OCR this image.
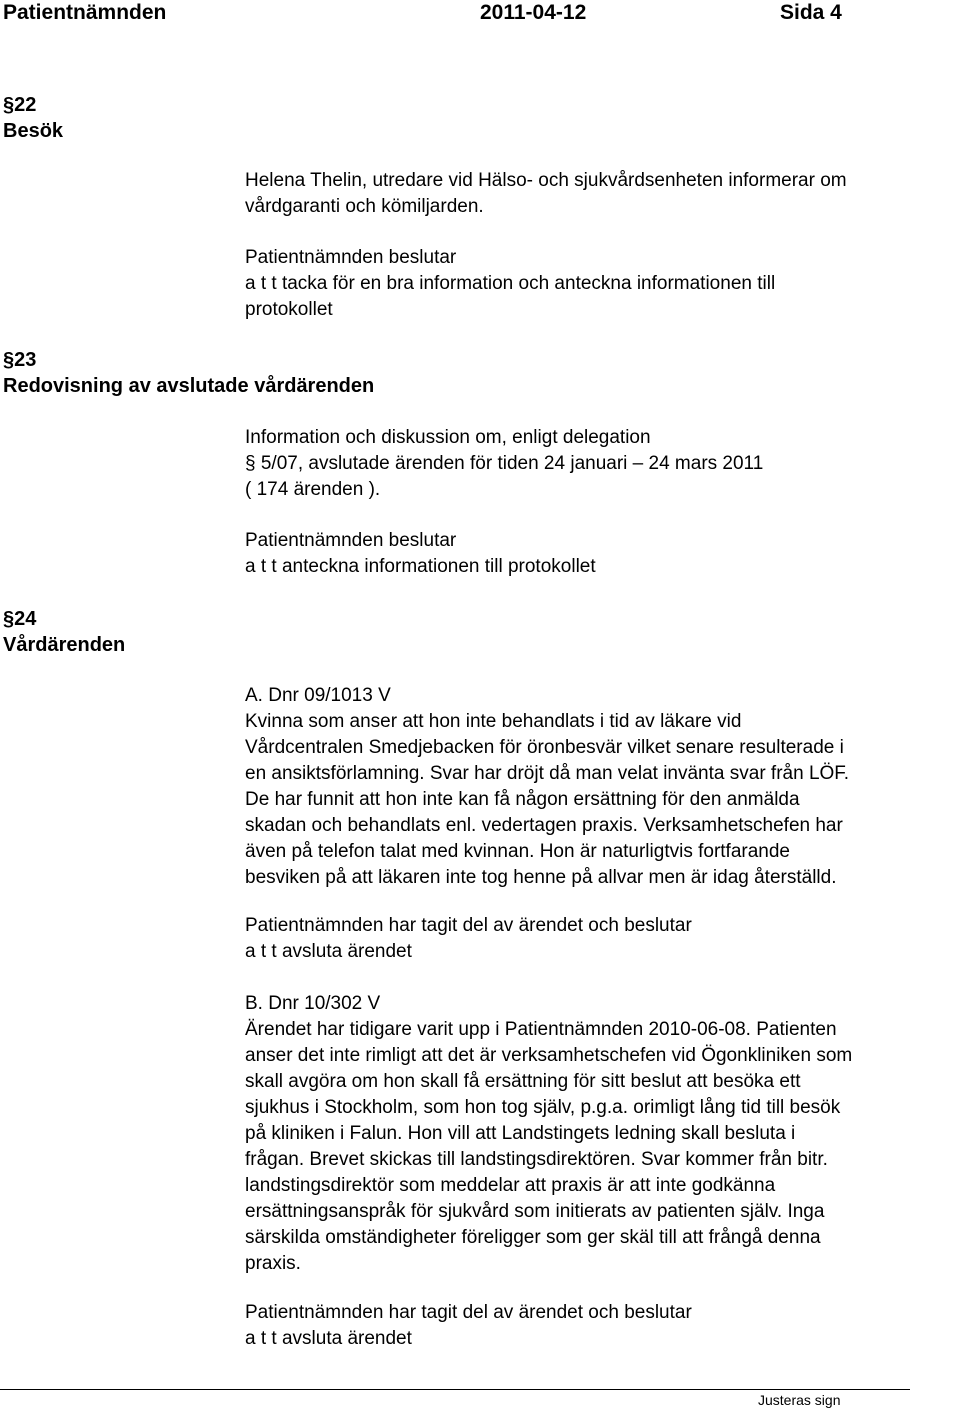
Patientnämnden	2011-04-12	Sida 4
§22
Besök
Helena Thelin, utredare vid Hälso- och sjukvårdsenheten informerar om
vårdgaranti och kömiljarden.
Patientnämnden beslutar
a t t tacka för en bra information och anteckna informationen till
protokollet
§23
Redovisning av avslutade vårdärenden
Information och diskussion om, enligt delegation
§ 5/07, avslutade ärenden för tiden 24 januari – 24 mars 2011
( 174 ärenden ).
Patientnämnden beslutar
a t t anteckna informationen till protokollet
§24
Vårdärenden
A. Dnr 09/1013 V
Kvinna som anser att hon inte behandlats i tid av läkare vid
Vårdcentralen Smedjebacken för öronbesvär vilket senare resulterade i
en ansiktsförlamning. Svar har dröjt då man velat invänta svar från LÖF.
De har funnit att hon inte kan få någon ersättning för den anmälda
skadan och behandlats enl. vedertagen praxis. Verksamhetschefen har
även på telefon talat med kvinnan. Hon är naturligtvis fortfarande
besviken på att läkaren inte tog henne på allvar men är idag återställd.
Patientnämnden har tagit del av ärendet och beslutar
a t t avsluta ärendet
B. Dnr 10/302 V
Ärendet har tidigare varit upp i Patientnämnden 2010-06-08. Patienten
anser det inte rimligt att det är verksamhetschefen vid Ögonkliniken som
skall avgöra om hon skall få ersättning för sitt beslut att besöka ett
sjukhus i Stockholm, som hon tog själv, p.g.a. orimligt lång tid till besök
på kliniken i Falun. Hon vill att Landstingets ledning skall besluta i
frågan. Brevet skickas till landstingsdirektören. Svar kommer från bitr.
landstingsdirektör som meddelar att praxis är att inte godkänna
ersättningsanspråk för sjukvård som initierats av patienten själv. Inga
särskilda omständigheter föreligger som ger skäl till att frångå denna
praxis.
Patientnämnden har tagit del av ärendet och beslutar
a t t avsluta ärendet
Justeras sign
